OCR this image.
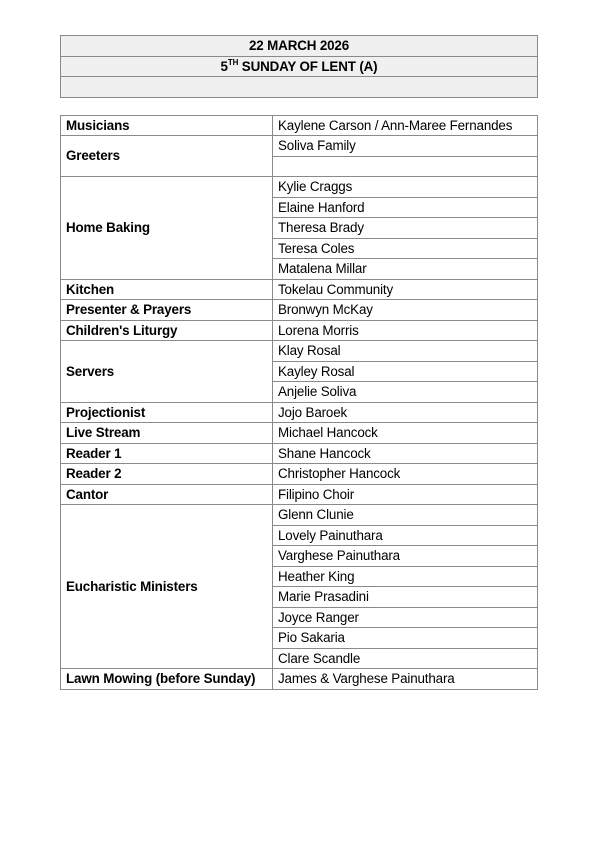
22 MARCH 2026	
5TH SUNDAY OF LENT (A)	

Musicians	Kaylene Carson / Ann-Maree Fernandes
Greeters	Soliva Family

Home Baking	Kylie Craggs
	Elaine Hanford
	Theresa Brady
	Teresa Coles
	Matalena Millar
Kitchen	Tokelau Community
Presenter & Prayers	Bronwyn McKay
Children's Liturgy	Lorena Morris
Servers	Klay Rosal
	Kayley Rosal
	Anjelie Soliva
Projectionist	Jojo Baroek
Live Stream	Michael Hancock
Reader 1	Shane Hancock
Reader 2	Christopher Hancock
Cantor	Filipino Choir
Eucharistic Ministers	Glenn Clunie
	Lovely Painuthara
	Varghese Painuthara
	Heather King
	Marie Prasadini
	Joyce Ranger
	Pio Sakaria
	Clare Scandle
Lawn Mowing (before Sunday)	James & Varghese Painuthara
